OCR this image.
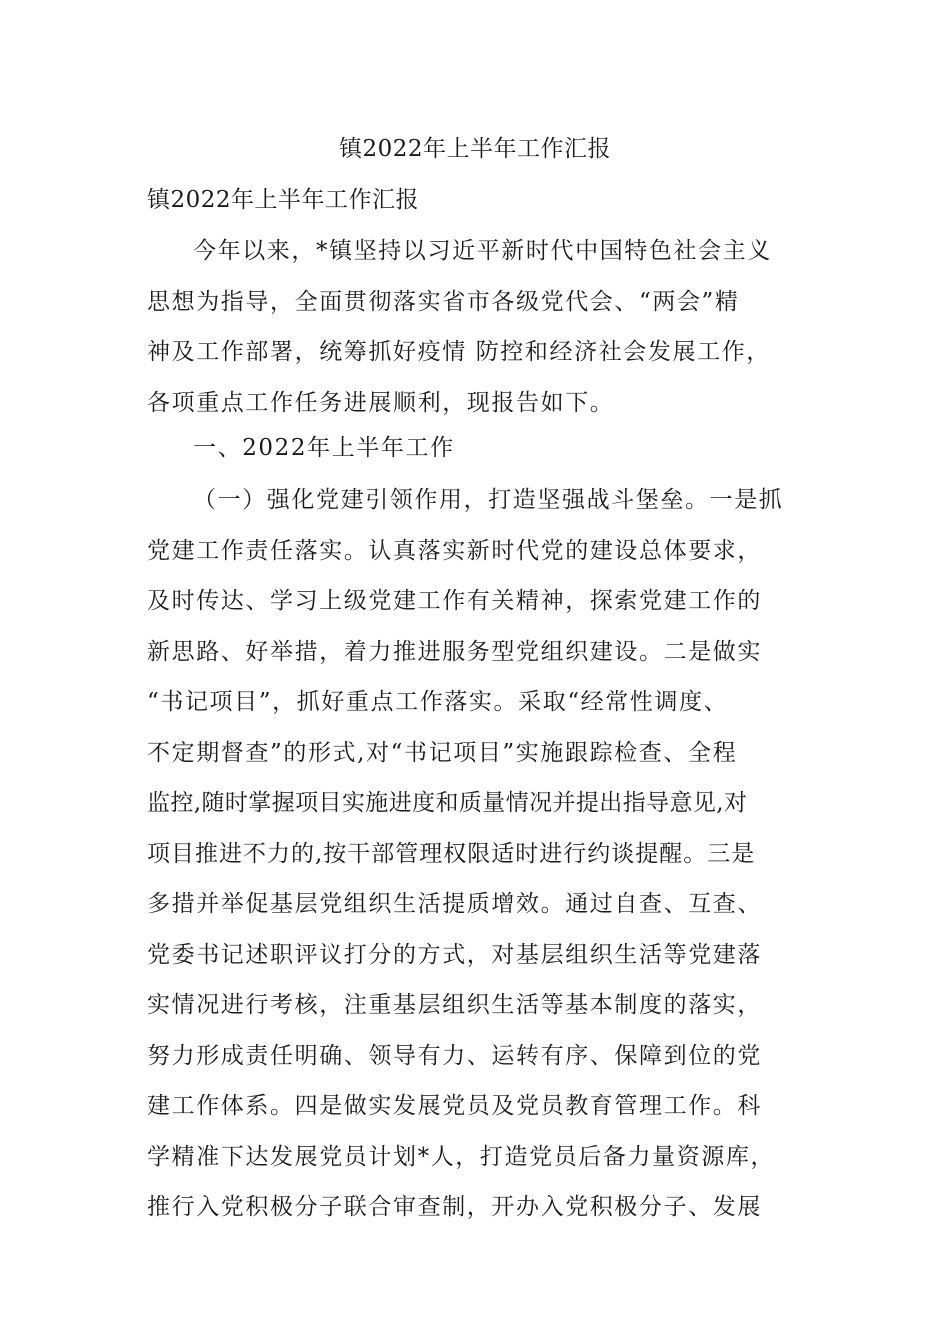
镇2022年上半年工作汇报

镇2022年上半年工作汇报

今年以来，*镇坚持以习近平新时代中国特色社会主义
思想为指导，全面贯彻落实省市各级党代会、“两会”精
神及工作部署，统筹抓好疫情 防控和经济社会发展工作，
各项重点工作任务进展顺利，现报告如下。

一、2022年上半年工作

（一）强化党建引领作用，打造坚强战斗堡垒。一是抓
党建工作责任落实。认真落实新时代党的建设总体要求，
及时传达、学习上级党建工作有关精神，探索党建工作的
新思路、好举措，着力推进服务型党组织建设。二是做实
“书记项目”，抓好重点工作落实。采取“经常性调度、
不定期督查”的形式,对“书记项目”实施跟踪检查、全程
监控,随时掌握项目实施进度和质量情况并提出指导意见,对
项目推进不力的,按干部管理权限适时进行约谈提醒。三是
多措并举促基层党组织生活提质增效。通过自查、互查、
党委书记述职评议打分的方式，对基层组织生活等党建落
实情况进行考核，注重基层组织生活等基本制度的落实，
努力形成责任明确、领导有力、运转有序、保障到位的党
建工作体系。四是做实发展党员及党员教育管理工作。科
学精准下达发展党员计划*人，打造党员后备力量资源库，
推行入党积极分子联合审查制，开办入党积极分子、发展
